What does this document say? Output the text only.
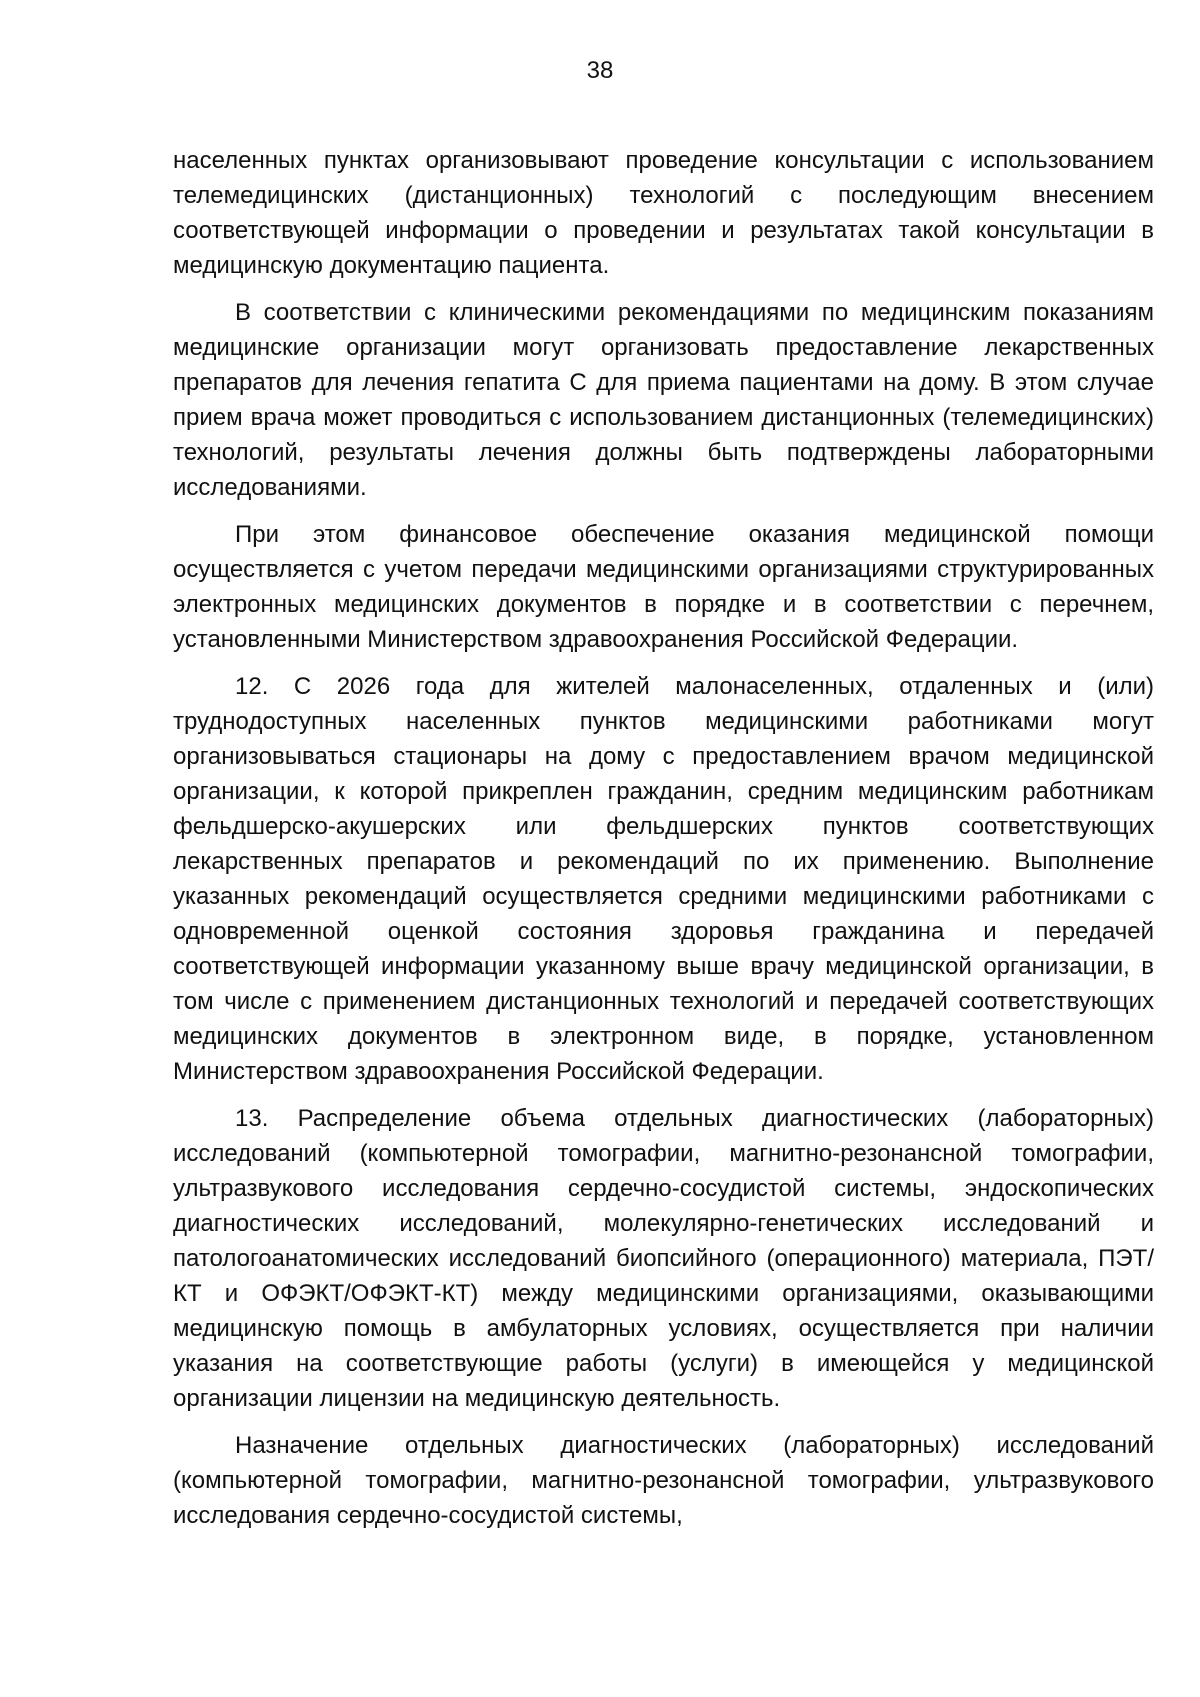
38

населенных пунктах организовывают проведение консультации с использованием телемедицинских (дистанционных) технологий с последующим внесением соответствующей информации о проведении и результатах такой консультации в медицинскую документацию пациента.

В соответствии с клиническими рекомендациями по медицинским показаниям медицинские организации могут организовать предоставление лекарственных препаратов для лечения гепатита С для приема пациентами на дому. В этом случае прием врача может проводиться с использованием дистанционных (телемедицинских) технологий, результаты лечения должны быть подтверждены лабораторными исследованиями.

При этом финансовое обеспечение оказания медицинской помощи осуществляется с учетом передачи медицинскими организациями структурированных электронных медицинских документов в порядке и в соответствии с перечнем, установленными Министерством здравоохранения Российской Федерации.

12. С 2026 года для жителей малонаселенных, отдаленных и (или) труднодоступных населенных пунктов медицинскими работниками могут организовываться стационары на дому с предоставлением врачом медицинской организации, к которой прикреплен гражданин, средним медицинским работникам фельдшерско-акушерских или фельдшерских пунктов соответствующих лекарственных препаратов и рекомендаций по их применению. Выполнение указанных рекомендаций осуществляется средними медицинскими работниками с одновременной оценкой состояния здоровья гражданина и передачей соответствующей информации указанному выше врачу медицинской организации, в том числе с применением дистанционных технологий и передачей соответствующих медицинских документов в электронном виде, в порядке, установленном Министерством здравоохранения Российской Федерации.

13. Распределение объема отдельных диагностических (лабораторных) исследований (компьютерной томографии, магнитно-резонансной томографии, ультразвукового исследования сердечно-сосудистой системы, эндоскопических диагностических исследований, молекулярно-генетических исследований и патологоанатомических исследований биопсийного (операционного) материала, ПЭТ/КТ и ОФЭКТ/ОФЭКТ-КТ) между медицинскими организациями, оказывающими медицинскую помощь в амбулаторных условиях, осуществляется при наличии указания на соответствующие работы (услуги) в имеющейся у медицинской организации лицензии на медицинскую деятельность.

Назначение отдельных диагностических (лабораторных) исследований (компьютерной томографии, магнитно-резонансной томографии, ультразвукового исследования сердечно-сосудистой системы,
